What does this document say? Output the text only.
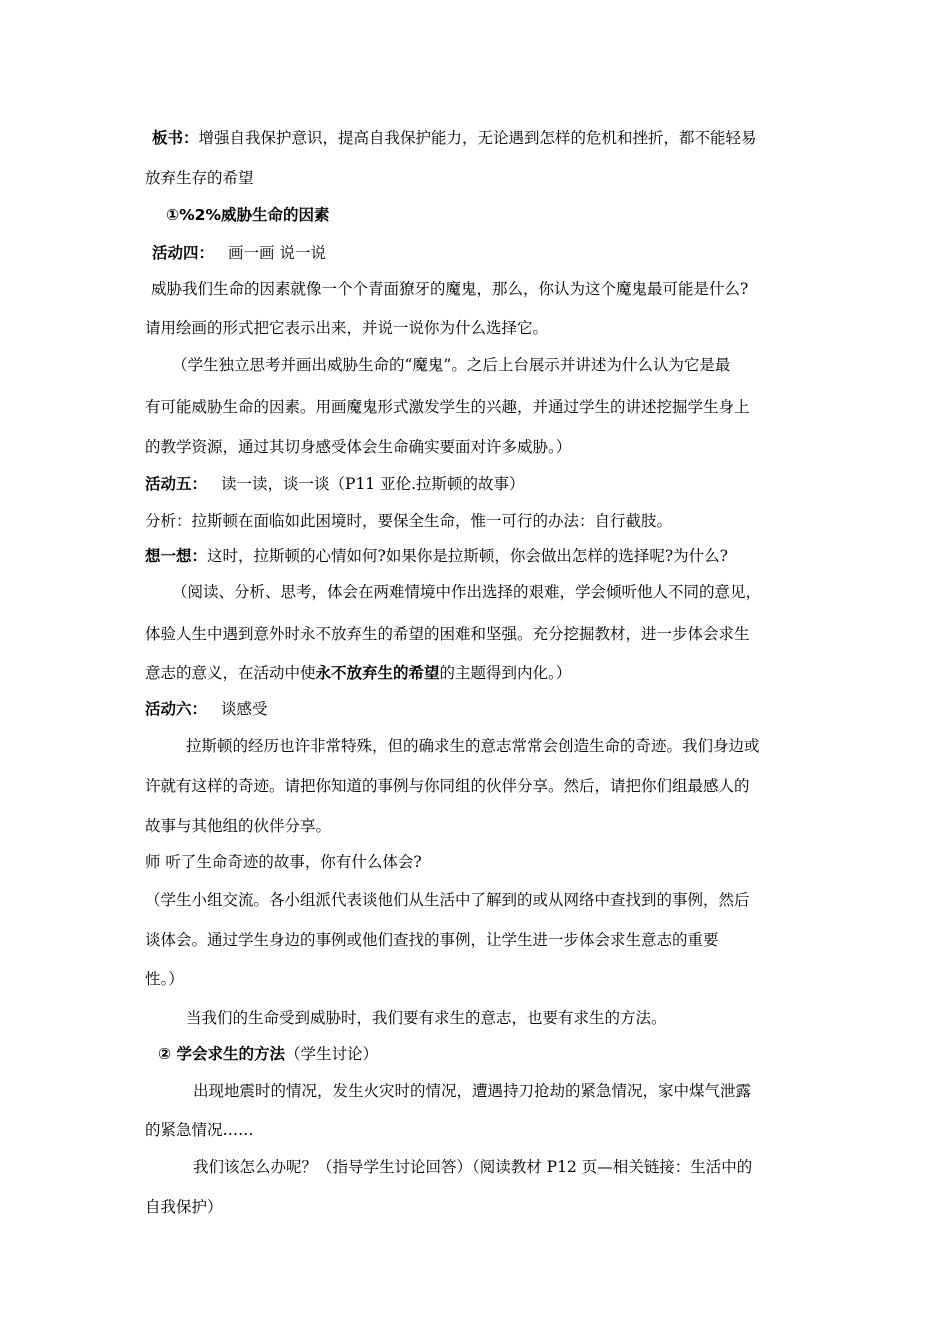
板书：增强自我保护意识，提高自我保护能力，无论遇到怎样的危机和挫折，都不能轻易
放弃生存的希望
①%2%威胁生命的因素
活动四： 画一画 说一说
威胁我们生命的因素就像一个个青面獠牙的魔鬼，那么，你认为这个魔鬼最可能是什么?
请用绘画的形式把它表示出来，并说一说你为什么选择它。
（学生独立思考并画出威胁生命的“魔鬼”。之后上台展示并讲述为什么认为它是最
有可能威胁生命的因素。用画魔鬼形式激发学生的兴趣，并通过学生的讲述挖掘学生身上
的教学资源，通过其切身感受体会生命确实要面对许多威胁。）
活动五： 读一读，谈一谈（P11 亚伦.拉斯顿的故事）
分析：拉斯顿在面临如此困境时，要保全生命，惟一可行的办法：自行截肢。
想一想：这时，拉斯顿的心情如何?如果你是拉斯顿，你会做出怎样的选择呢?为什么?
（阅读、分析、思考，体会在两难情境中作出选择的艰难，学会倾听他人不同的意见，
体验人生中遇到意外时永不放弃生的希望的困难和坚强。充分挖掘教材，进一步体会求生
意志的意义，在活动中使永不放弃生的希望的主题得到内化。）
活动六： 谈感受
拉斯顿的经历也许非常特殊，但的确求生的意志常常会创造生命的奇迹。我们身边或
许就有这样的奇迹。请把你知道的事例与你同组的伙伴分享。然后，请把你们组最感人的
故事与其他组的伙伴分享。
师 听了生命奇迹的故事，你有什么体会?
（学生小组交流。各小组派代表谈他们从生活中了解到的或从网络中查找到的事例，然后
谈体会。通过学生身边的事例或他们查找的事例，让学生进一步体会求生意志的重要
性。）
当我们的生命受到威胁时，我们要有求生的意志，也要有求生的方法。
② 学会求生的方法（学生讨论）
出现地震时的情况，发生火灾时的情况，遭遇持刀抢劫的紧急情况，家中煤气泄露
的紧急情况……
我们该怎么办呢？（指导学生讨论回答）（阅读教材 P12 页—相关链接：生活中的
自我保护）
